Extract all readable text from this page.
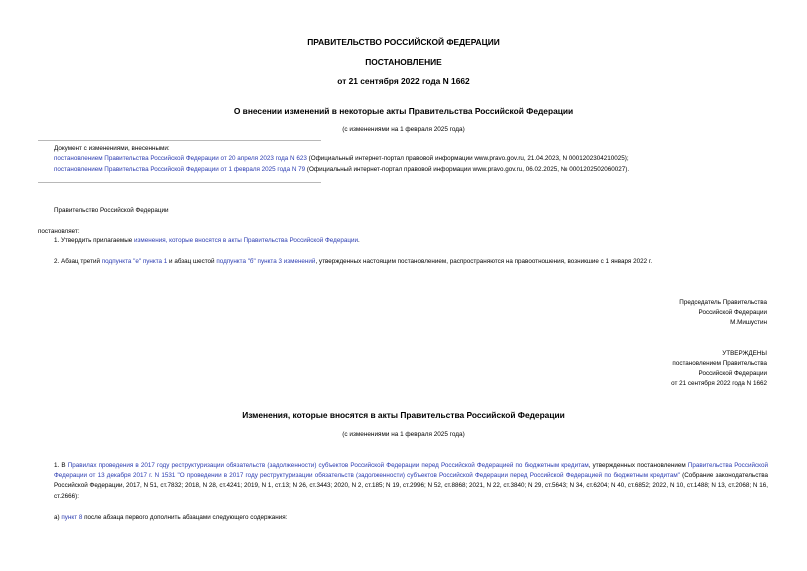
ПРАВИТЕЛЬСТВО РОССИЙСКОЙ ФЕДЕРАЦИИ
ПОСТАНОВЛЕНИЕ
от 21 сентября 2022 года N 1662
О внесении изменений в некоторые акты Правительства Российской Федерации
(с изменениями на 1 февраля 2025 года)
Документ с изменениями, внесенными:
постановлением Правительства Российской Федерации от 20 апреля 2023 года N 623 (Официальный интернет-портал правовой информации www.pravo.gov.ru, 21.04.2023, N 0001202304210025);
постановлением Правительства Российской Федерации от 1 февраля 2025 года N 79 (Официальный интернет-портал правовой информации www.pravo.gov.ru, 06.02.2025, № 0001202502060027).
Правительство Российской Федерации
постановляет:
1. Утвердить прилагаемые изменения, которые вносятся в акты Правительства Российской Федерации.
2. Абзац третий подпункта "е" пункта 1 и абзац шестой подпункта "б" пункта 3 изменений, утвержденных настоящим постановлением, распространяются на правоотношения, возникшие с 1 января 2022 г.
Председатель Правительства
Российской Федерации
М.Мишустин
УТВЕРЖДЕНЫ
постановлением Правительства
Российской Федерации
от 21 сентября 2022 года N 1662
Изменения, которые вносятся в акты Правительства Российской Федерации
(с изменениями на 1 февраля 2025 года)
1. В Правилах проведения в 2017 году реструктуризации обязательств (задолженности) субъектов Российской Федерации перед Российской Федерацией по бюджетным кредитам, утвержденных постановлением Правительства Российской Федерации от 13 декабря 2017 г. N 1531 "О проведении в 2017 году реструктуризации обязательств (задолженности) субъектов Российской Федерации перед Российской Федерацией по бюджетным кредитам" (Собрание законодательства Российской Федерации, 2017, N 51, ст.7832; 2018, N 28, ст.4241; 2019, N 1, ст.13; N 26, ст.3443; 2020, N 2, ст.185; N 19, ст.2996; N 52, ст.8868; 2021, N 22, ст.3840; N 29, ст.5643; N 34, ст.6204; N 40, ст.6852; 2022, N 10, ст.1488; N 13, ст.2068; N 16, ст.2666):
а) пункт 8 после абзаца первого дополнить абзацами следующего содержания:
